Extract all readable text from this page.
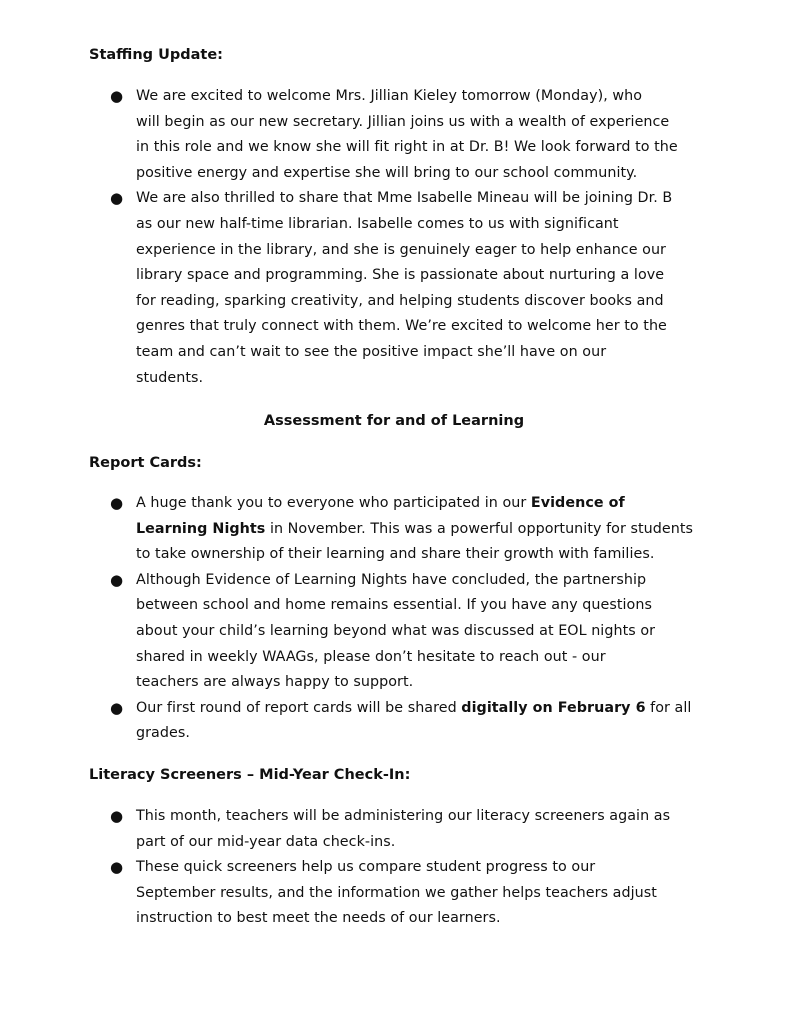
Staffing Update:
● We are excited to welcome Mrs. Jillian Kieley tomorrow (Monday), who
will begin as our new secretary. Jillian joins us with a wealth of experience
in this role and we know she will fit right in at Dr. B! We look forward to the
positive energy and expertise she will bring to our school community.
● We are also thrilled to share that Mme Isabelle Mineau will be joining Dr. B
as our new half-time librarian. Isabelle comes to us with significant
experience in the library, and she is genuinely eager to help enhance our
library space and programming. She is passionate about nurturing a love
for reading, sparking creativity, and helping students discover books and
genres that truly connect with them. We’re excited to welcome her to the
team and can’t wait to see the positive impact she’ll have on our
students.
Assessment for and of Learning
Report Cards:
● A huge thank you to everyone who participated in our Evidence of
Learning Nights in November. This was a powerful opportunity for students
to take ownership of their learning and share their growth with families.
● Although Evidence of Learning Nights have concluded, the partnership
between school and home remains essential. If you have any questions
about your child’s learning beyond what was discussed at EOL nights or
shared in weekly WAAGs, please don’t hesitate to reach out - our
teachers are always happy to support.
● Our first round of report cards will be shared digitally on February 6 for all
grades.
Literacy Screeners – Mid-Year Check-In:
● This month, teachers will be administering our literacy screeners again as
part of our mid-year data check-ins.
● These quick screeners help us compare student progress to our
September results, and the information we gather helps teachers adjust
instruction to best meet the needs of our learners.
